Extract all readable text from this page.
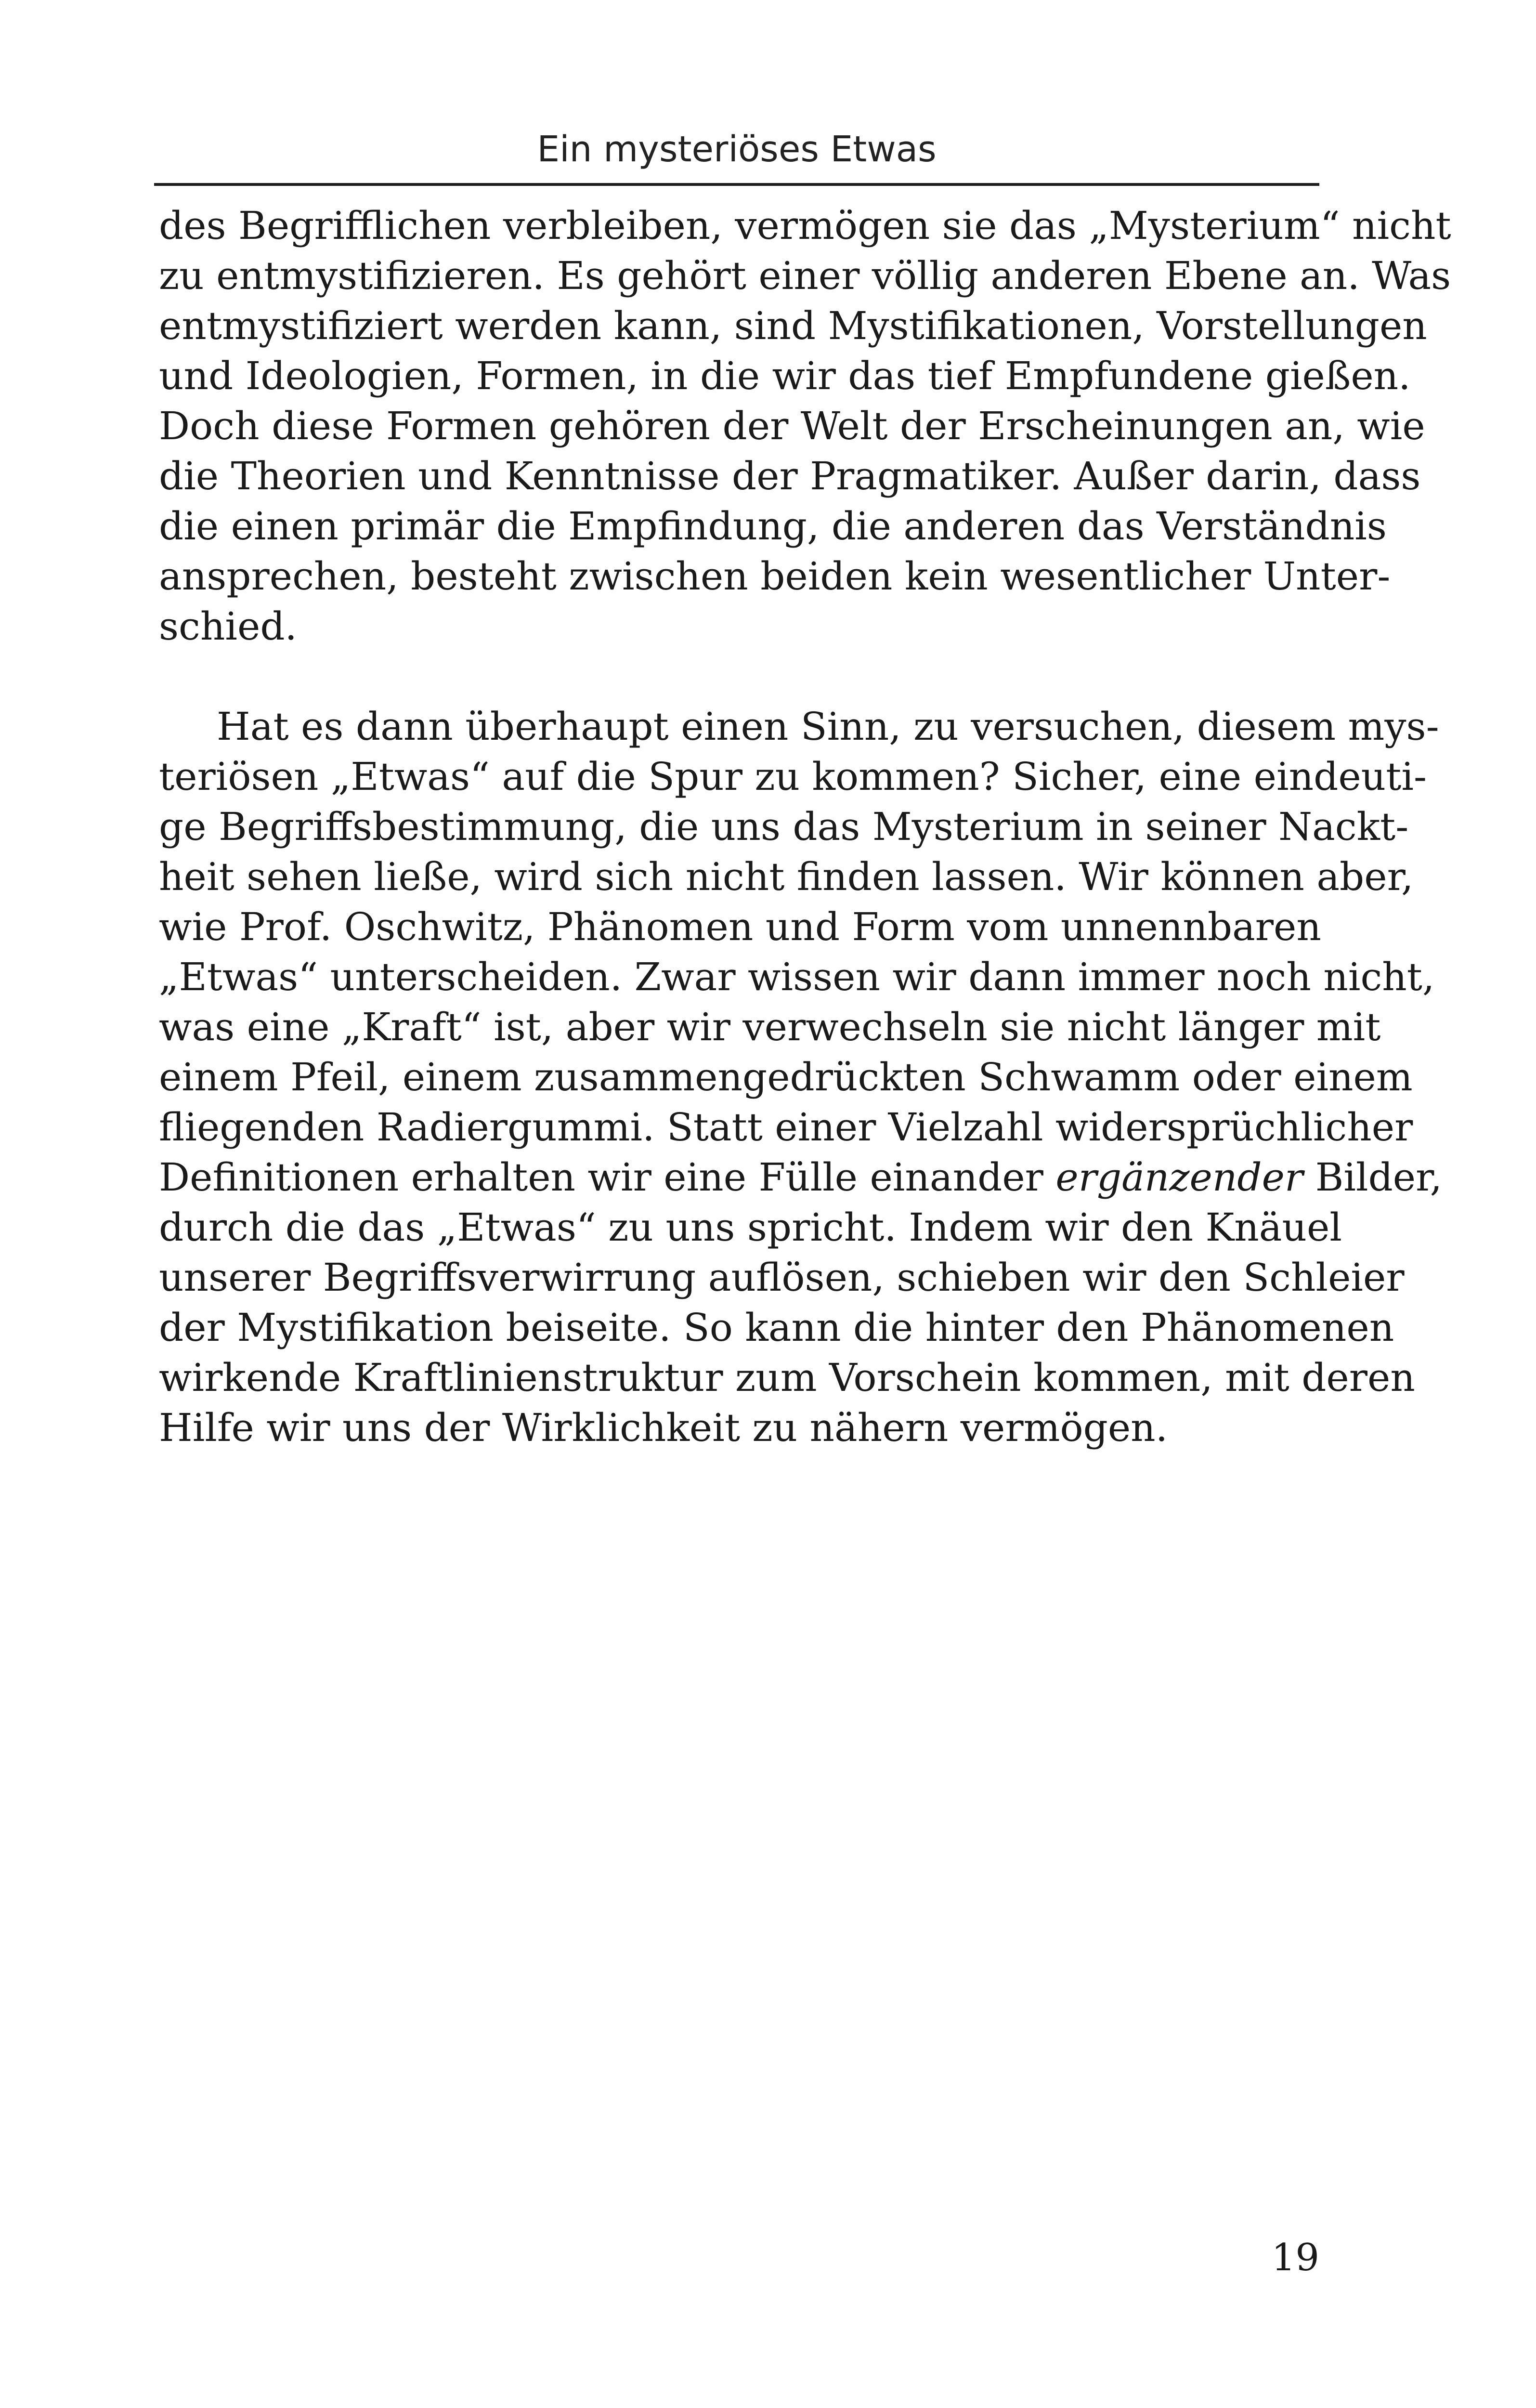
Ein mysteriöses Etwas
des Begrifflichen verbleiben, vermögen sie das „Mysterium“ nicht
zu entmystifizieren. Es gehört einer völlig anderen Ebene an. Was
entmystifiziert werden kann, sind Mystifikationen, Vorstellungen
und Ideologien, Formen, in die wir das tief Empfundene gießen.
Doch diese Formen gehören der Welt der Erscheinungen an, wie
die Theorien und Kenntnisse der Pragmatiker. Außer darin, dass
die einen primär die Empfindung, die anderen das Verständnis
ansprechen, besteht zwischen beiden kein wesentlicher Unter-
schied.
Hat es dann überhaupt einen Sinn, zu versuchen, diesem mys-
teriösen „Etwas“ auf die Spur zu kommen? Sicher, eine eindeuti-
ge Begriffsbestimmung, die uns das Mysterium in seiner Nackt-
heit sehen ließe, wird sich nicht finden lassen. Wir können aber,
wie Prof. Oschwitz, Phänomen und Form vom unnennbaren
„Etwas“ unterscheiden. Zwar wissen wir dann immer noch nicht,
was eine „Kraft“ ist, aber wir verwechseln sie nicht länger mit
einem Pfeil, einem zusammengedrückten Schwamm oder einem
fliegenden Radiergummi. Statt einer Vielzahl widersprüchlicher
Definitionen erhalten wir eine Fülle einander ergänzender Bilder,
durch die das „Etwas“ zu uns spricht. Indem wir den Knäuel
unserer Begriffsverwirrung auflösen, schieben wir den Schleier
der Mystifikation beiseite. So kann die hinter den Phänomenen
wirkende Kraftlinienstruktur zum Vorschein kommen, mit deren
Hilfe wir uns der Wirklichkeit zu nähern vermögen.
19
